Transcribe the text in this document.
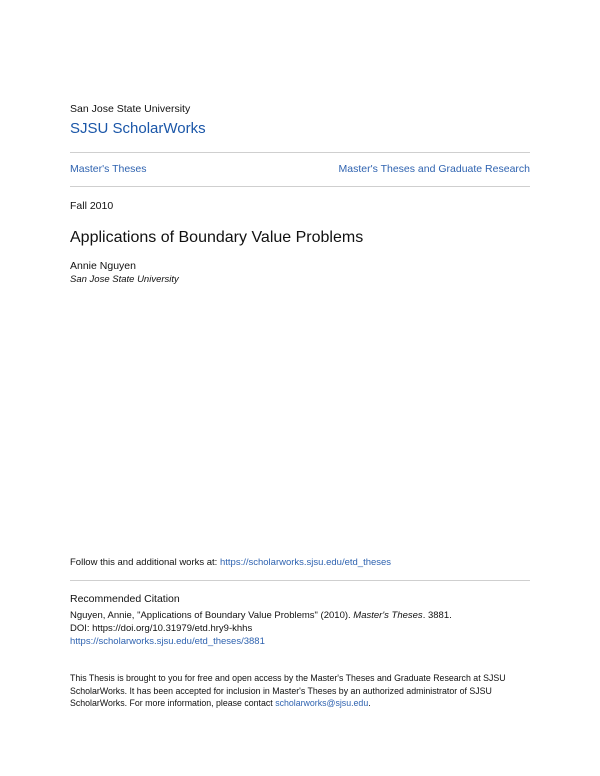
San Jose State University
SJSU ScholarWorks
Master's Theses	Master's Theses and Graduate Research
Fall 2010
Applications of Boundary Value Problems
Annie Nguyen
San Jose State University
Follow this and additional works at: https://scholarworks.sjsu.edu/etd_theses
Recommended Citation
Nguyen, Annie, "Applications of Boundary Value Problems" (2010). Master's Theses. 3881.
DOI: https://doi.org/10.31979/etd.hry9-khhs
https://scholarworks.sjsu.edu/etd_theses/3881
This Thesis is brought to you for free and open access by the Master's Theses and Graduate Research at SJSU
ScholarWorks. It has been accepted for inclusion in Master's Theses by an authorized administrator of SJSU
ScholarWorks. For more information, please contact scholarworks@sjsu.edu.
